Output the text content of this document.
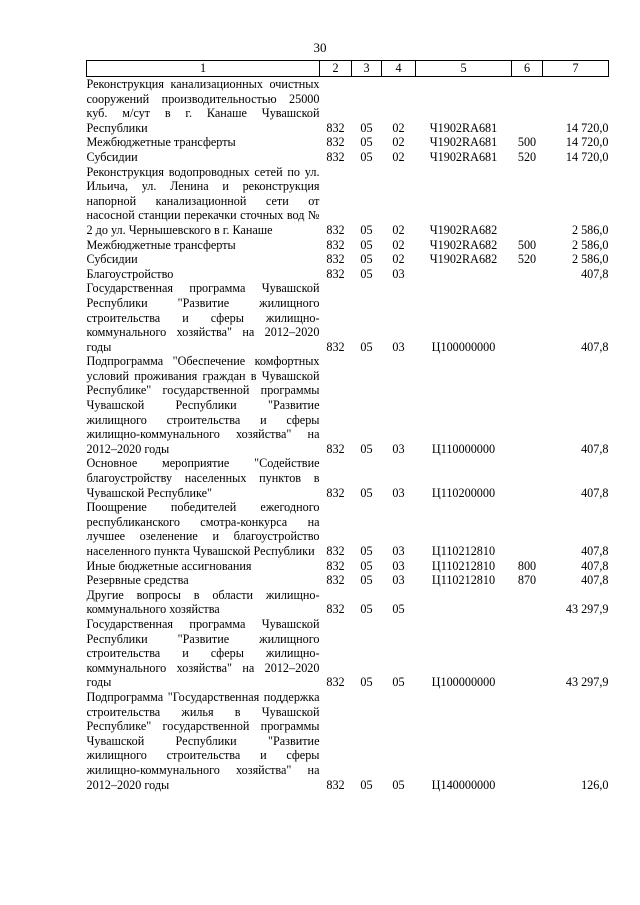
30
1	2	3	4	5	6	7
Реконструкция канализационных очистных сооружений производительностью 25000 куб. м/сут в г. Канаше Чувашской Республики	832	05	02	Ч1902RA681		14 720,0
Межбюджетные трансферты	832	05	02	Ч1902RA681	500	14 720,0
Субсидии	832	05	02	Ч1902RA681	520	14 720,0
Реконструкция водопроводных сетей по ул. Ильича, ул. Ленина и реконструкция напорной канализационной сети от насосной станции перекачки сточных вод № 2 до ул. Чернышевского в г. Канаше	832	05	02	Ч1902RA682		2 586,0
Межбюджетные трансферты	832	05	02	Ч1902RA682	500	2 586,0
Субсидии	832	05	02	Ч1902RA682	520	2 586,0
Благоустройство	832	05	03			407,8
Государственная программа Чувашской Республики "Развитие жилищного строительства и сферы жилищно-коммунального хозяйства" на 2012–2020 годы	832	05	03	Ц100000000		407,8
Подпрограмма "Обеспечение комфортных условий проживания граждан в Чувашской Республике" государственной программы Чувашской Республики "Развитие жилищного строительства и сферы жилищно-коммунального хозяйства" на 2012–2020 годы	832	05	03	Ц110000000		407,8
Основное мероприятие "Содействие благоустройству населенных пунктов в Чувашской Республике"	832	05	03	Ц110200000		407,8
Поощрение победителей ежегодного республиканского смотра-конкурса на лучшее озеленение и благоустройство населенного пункта Чувашской Республики	832	05	03	Ц110212810		407,8
Иные бюджетные ассигнования	832	05	03	Ц110212810	800	407,8
Резервные средства	832	05	03	Ц110212810	870	407,8
Другие вопросы в области жилищно-коммунального хозяйства	832	05	05			43 297,9
Государственная программа Чувашской Республики "Развитие жилищного строительства и сферы жилищно-коммунального хозяйства" на 2012–2020 годы	832	05	05	Ц100000000		43 297,9
Подпрограмма "Государственная поддержка строительства жилья в Чувашской Республике" государственной программы Чувашской Республики "Развитие жилищного строительства и сферы жилищно-коммунального хозяйства" на 2012–2020 годы	832	05	05	Ц140000000		126,0
